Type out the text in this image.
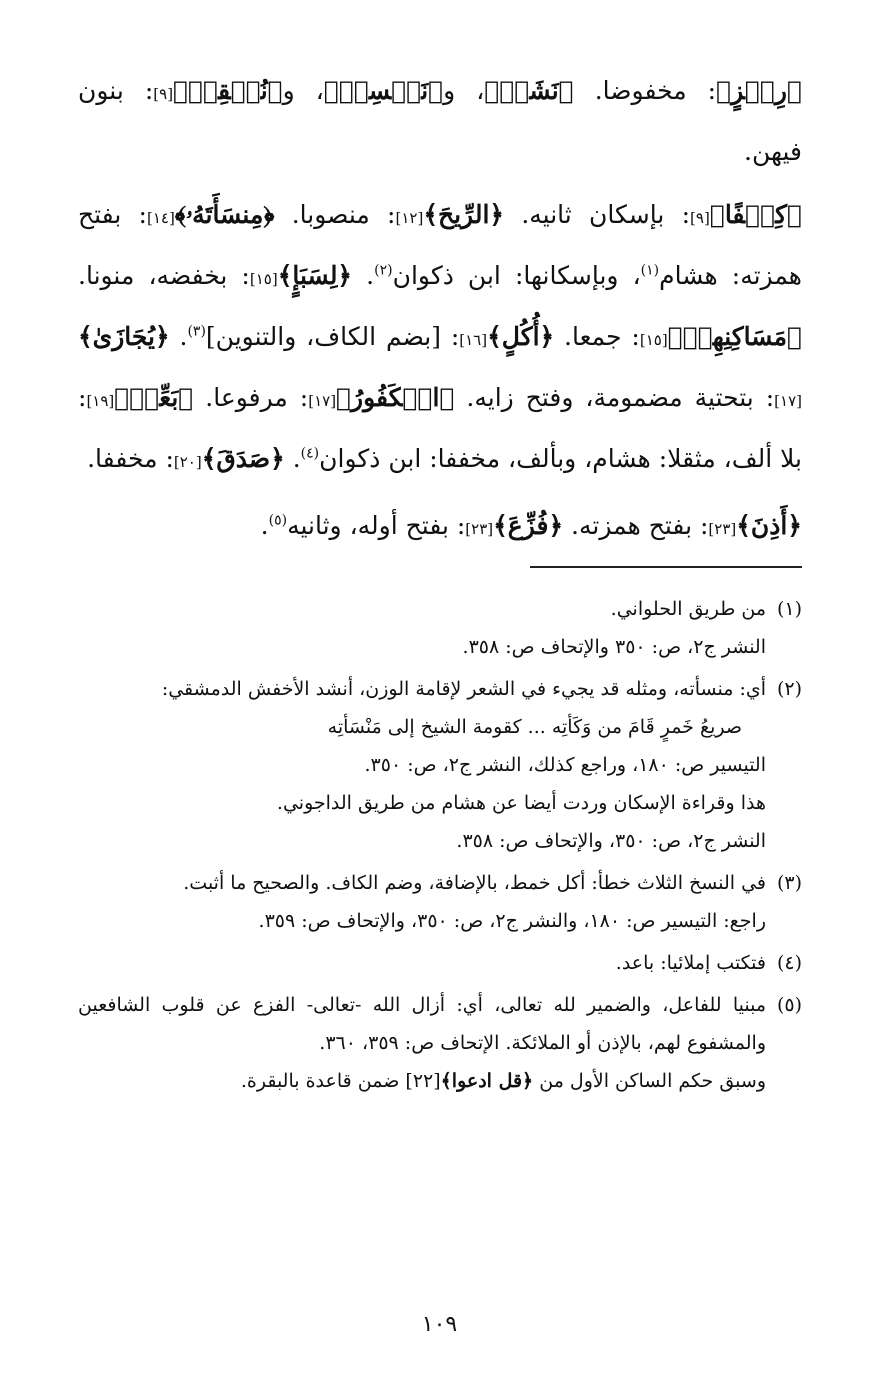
﴿رِجۡزٍ﴾: مخفوضا. ﴿نَشَأۡ﴾، و﴿نَخۡسِفۡ﴾، و﴿نُسۡقِطۡ﴾[٩]: بنون فيهن.

﴿كِسۡفًا﴾[٩]: بإسكان ثانيه. ﴿الرِّيحَ﴾[١٢]: منصوبا. ﴿مِنسَأَتَهُۥ﴾[١٤]: بفتح همزته: هشام$^{(١)}$، وبإسكانها: ابن ذكوان$^{(٢)}$. ﴿لِسَبَإٍ﴾[١٥]: بخفضه، منونا. ﴿مَسَاكِنِهِمۡ﴾[١٥]: جمعا. ﴿أُكُلٍ﴾[١٦]: [بضم الكاف، والتنوين]$^{(٣)}$. ﴿يُجَازَىٰ﴾[١٧]: بتحتية مضمومة، وفتح زايه. ﴿الۡكَفُورُ﴾[١٧]: مرفوعا. ﴿بَعِّدۡ﴾[١٩]: بلا ألف، مثقلا: هشام، وبألف، مخففا: ابن ذكوان$^{(٤)}$. ﴿صَدَقَ﴾[٢٠]: مخففا.

﴿أَذِنَ﴾[٢٣]: بفتح همزته. ﴿فُزِّعَ﴾[٢٣]: بفتح أوله، وثانيه$^{(٥)}$.

(١)
من طريق الحلواني.
النشر ج٢، ص: ٣٥٠ والإتحاف ص: ٣٥٨.
(٢)
أي: منسأته، ومثله قد يجيء في الشعر لإقامة الوزن، أنشد الأخفش الدمشقي:
صريعُ خَمرٍ قَامَ من وَكَأتِه ... كقومة الشيخ إلى مَنْسَأتِه
التيسير ص: ١٨٠، وراجع كذلك، النشر ج٢، ص: ٣٥٠.
هذا وقراءة الإسكان وردت أيضا عن هشام من طريق الداجوني.
النشر ج٢، ص: ٣٥٠، والإتحاف ص: ٣٥٨.
(٣)
في النسخ الثلاث خطأ: أكل خمط، بالإضافة، وضم الكاف. والصحيح ما أثبت.
راجع: التيسير ص: ١٨٠، والنشر ج٢، ص: ٣٥٠، والإتحاف ص: ٣٥٩.
(٤)
فتكتب إملائيا: باعد.
(٥)
مبنيا للفاعل، والضمير لله تعالى، أي: أزال الله -تعالى- الفزع عن قلوب الشافعين والمشفوع لهم، بالإذن أو الملائكة. الإتحاف ص: ٣٥٩، ٣٦٠.
وسبق حكم الساكن الأول من ﴿قل ادعوا﴾[٢٢] ضمن قاعدة بالبقرة.
١٠٩
